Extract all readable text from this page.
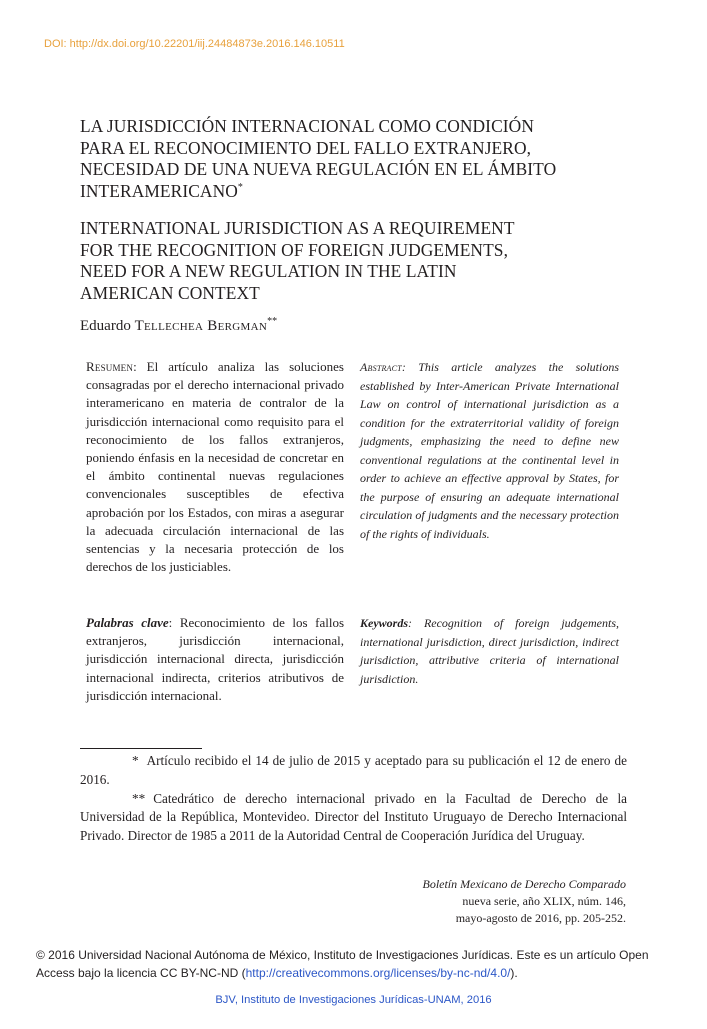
DOI: http://dx.doi.org/10.22201/iij.24484873e.2016.146.10511
LA JURISDICCIÓN INTERNACIONAL COMO CONDICIÓN
PARA EL RECONOCIMIENTO DEL FALLO EXTRANJERO,
NECESIDAD DE UNA NUEVA REGULACIÓN EN EL ÁMBITO
INTERAMERICANO*
INTERNATIONAL JURISDICTION AS A REQUIREMENT
FOR THE RECOGNITION OF FOREIGN JUDGEMENTS,
NEED FOR A NEW REGULATION IN THE LATIN
AMERICAN CONTEXT
Eduardo Tellechea Bergman**
Resumen: El artículo analiza las soluciones consagradas por el derecho internacional privado interamericano en materia de contralor de la jurisdicción internacional como requisito para el reconocimiento de los fallos extranjeros, poniendo énfasis en la necesidad de concretar en el ámbito continental nuevas regulaciones convencionales susceptibles de efectiva aprobación por los Estados, con miras a asegurar la adecuada circulación internacional de las sentencias y la necesaria protección de los derechos de los justiciables.
Abstract: This article analyzes the solutions established by Inter-American Private International Law on control of international jurisdiction as a condition for the extraterritorial validity of foreign judgments, emphasizing the need to define new conventional regulations at the continental level in order to achieve an effective approval by States, for the purpose of ensuring an adequate international circulation of judgments and the necessary protection of the rights of individuals.
Palabras clave: Reconocimiento de los fallos extranjeros, jurisdicción internacional, jurisdicción internacional directa, jurisdicción internacional indirecta, criterios atributivos de jurisdicción internacional.
Keywords: Recognition of foreign judgements, international jurisdiction, direct jurisdiction, indirect jurisdiction, attributive criteria of international jurisdiction.

* Artículo recibido el 14 de julio de 2015 y aceptado para su publicación el 12 de enero de 2016.

** Catedrático de derecho internacional privado en la Facultad de Derecho de la Universidad de la República, Montevideo. Director del Instituto Uruguayo de Derecho Internacional Privado. Director de 1985 a 2011 de la Autoridad Central de Cooperación Jurídica del Uruguay.

Boletín Mexicano de Derecho Comparado
nueva serie, año XLIX, núm. 146,
mayo-agosto de 2016, pp. 205-252.
© 2016 Universidad Nacional Autónoma de México, Instituto de Investigaciones Jurídicas. Este es un artículo Open Access bajo la licencia CC BY-NC-ND (http://creativecommons.org/licenses/by-nc-nd/4.0/).
BJV, Instituto de Investigaciones Jurídicas-UNAM, 2016
